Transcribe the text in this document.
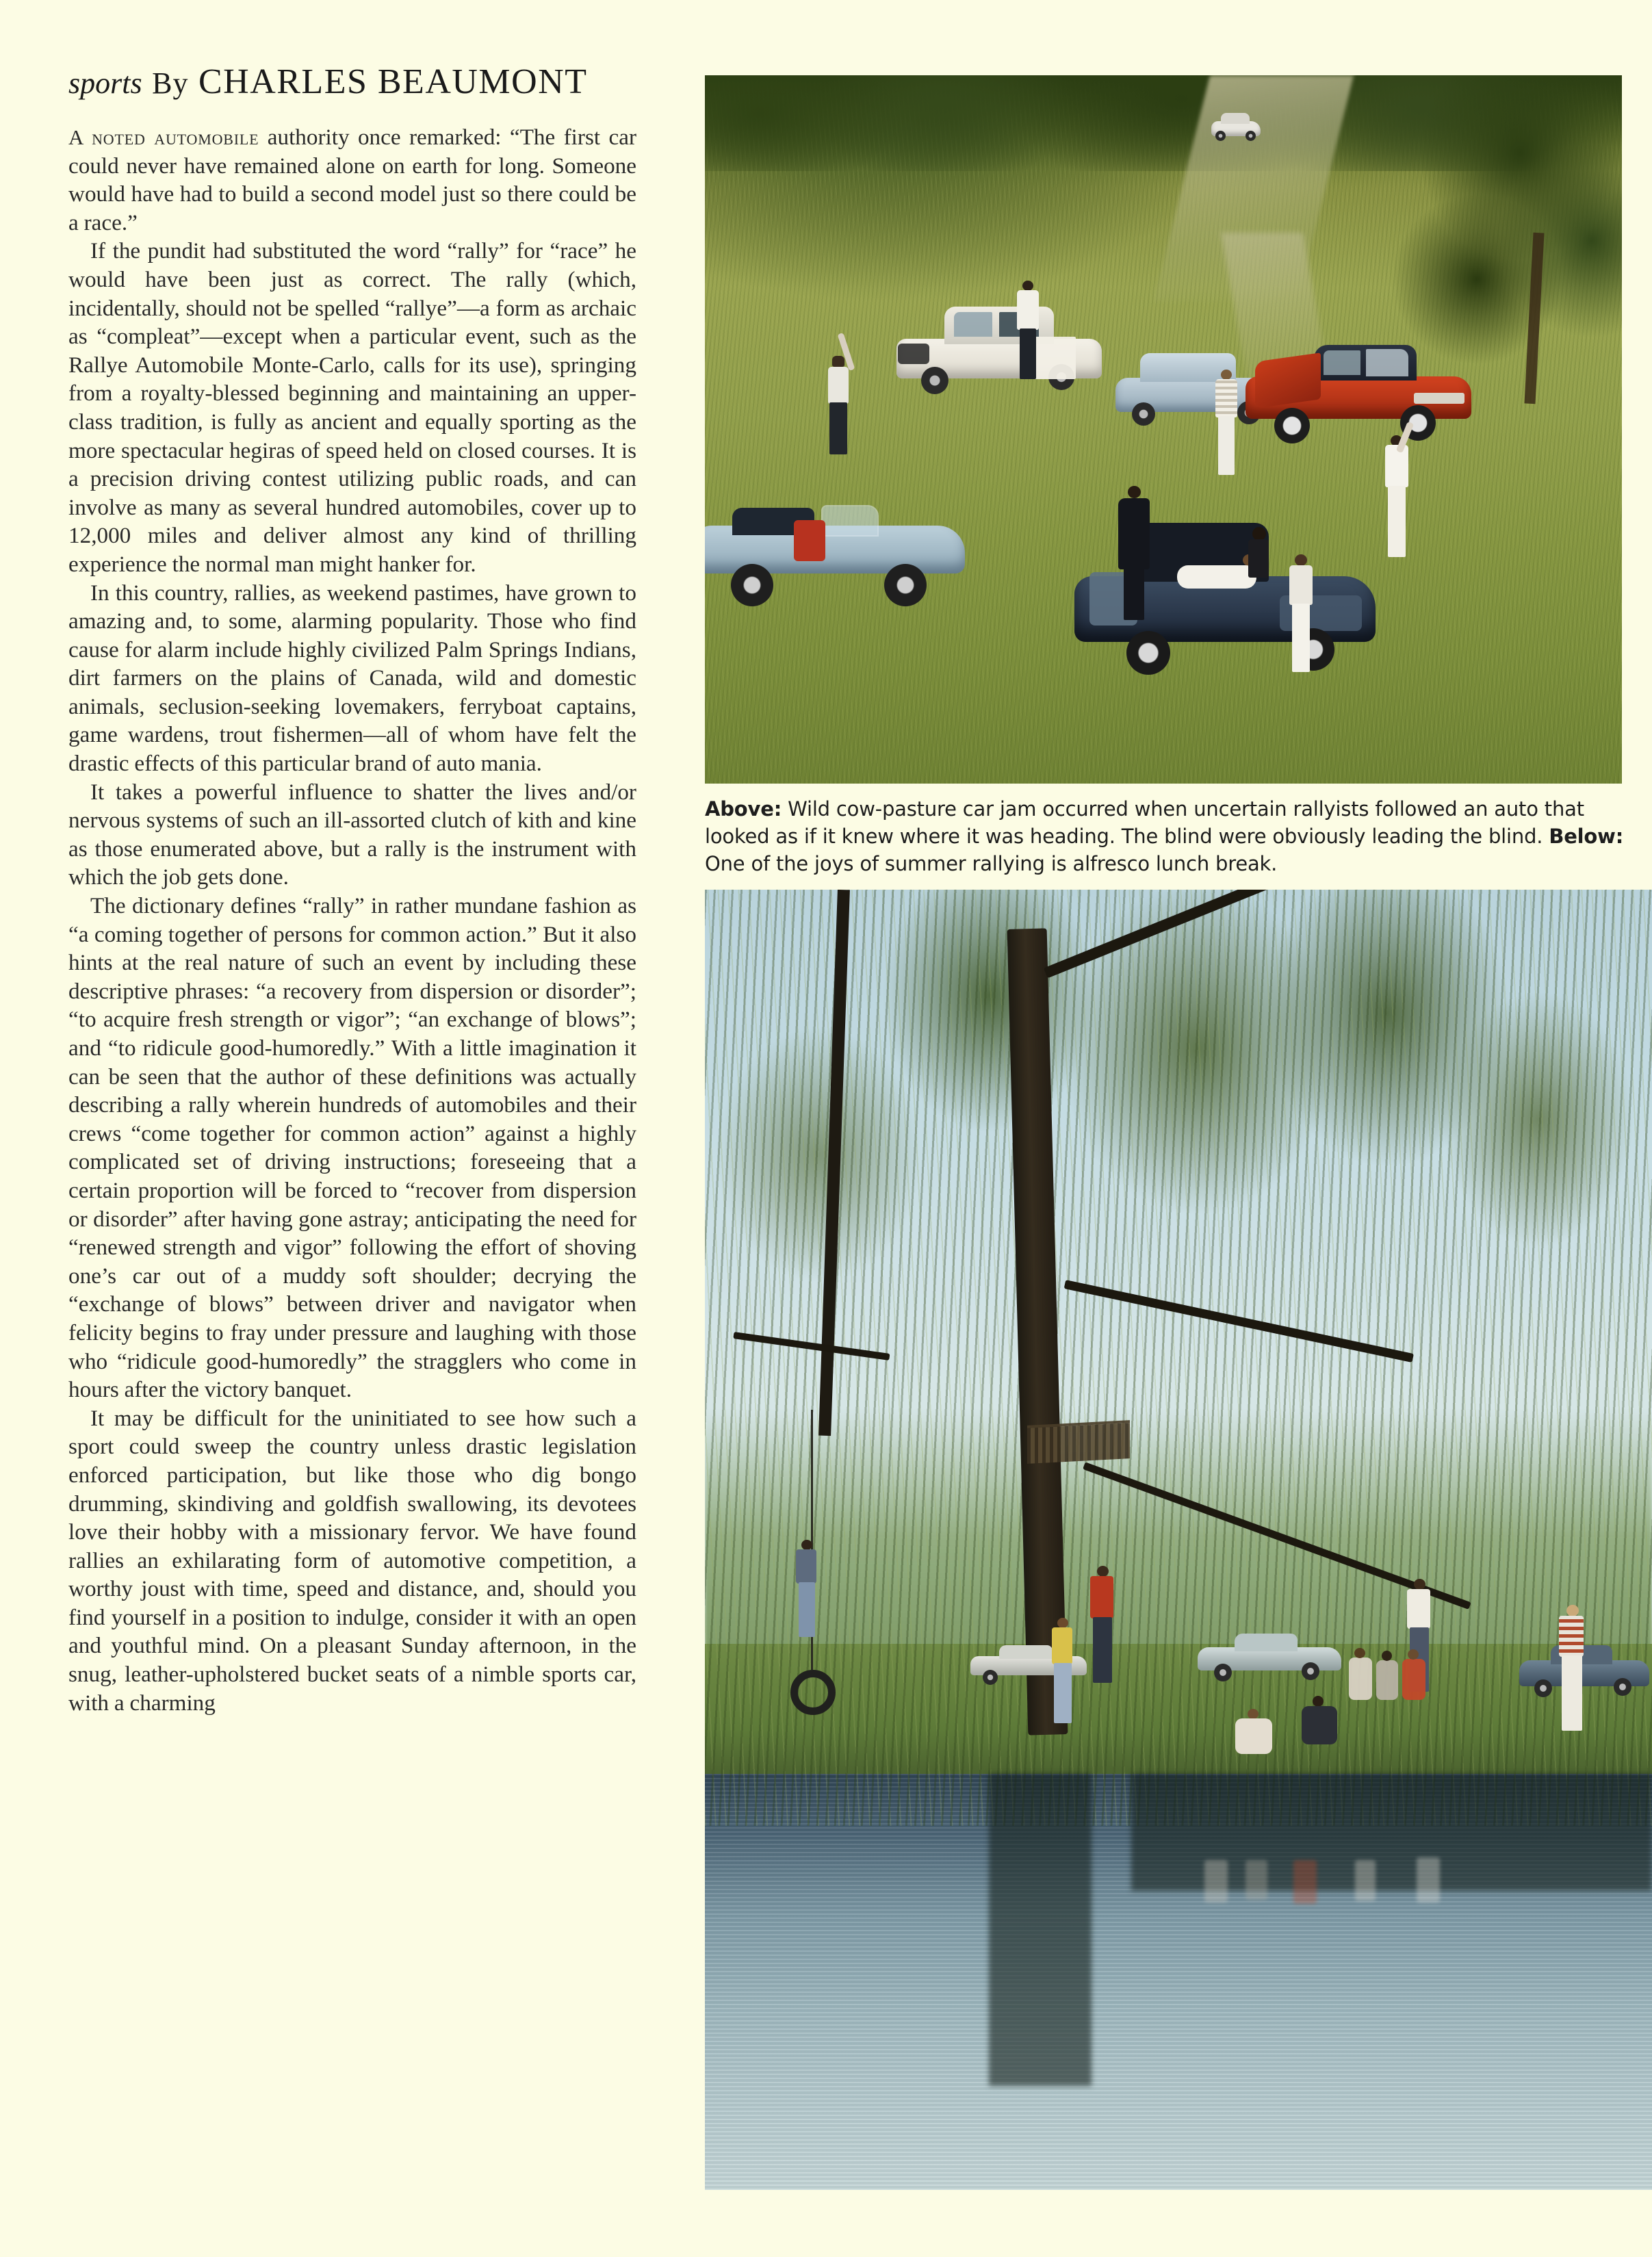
sports By CHARLES BEAUMONT

A noted automobile authority once remarked: “The first car could never have remained alone on earth for long. Someone would have had to build a second model just so there could be a race.”

If the pundit had substituted the word “rally” for “race” he would have been just as correct. The rally (which, incidentally, should not be spelled “rallye”—a form as archaic as “compleat”—except when a particular event, such as the Rallye Automobile Monte-Carlo, calls for its use), springing from a royalty-blessed beginning and maintaining an upper-class tradition, is fully as ancient and equally sporting as the more spectacular hegiras of speed held on closed courses. It is a precision driving contest utilizing public roads, and can involve as many as several hundred automobiles, cover up to 12,000 miles and deliver almost any kind of thrilling experience the normal man might hanker for.

In this country, rallies, as weekend pastimes, have grown to amazing and, to some, alarming popularity. Those who find cause for alarm include highly civilized Palm Springs Indians, dirt farmers on the plains of Canada, wild and domestic animals, seclusion-seeking lovemakers, ferryboat captains, game wardens, trout fishermen—all of whom have felt the drastic effects of this particular brand of auto mania.

It takes a powerful influence to shatter the lives and/or nervous systems of such an ill-assorted clutch of kith and kine as those enumerated above, but a rally is the instrument with which the job gets done.

The dictionary defines “rally” in rather mundane fashion as “a coming together of persons for common action.” But it also hints at the real nature of such an event by including these descriptive phrases: “a recovery from dispersion or disorder”; “to acquire fresh strength or vigor”; “an exchange of blows”; and “to ridicule good-humoredly.” With a little imagination it can be seen that the author of these definitions was actually describing a rally wherein hundreds of automobiles and their crews “come together for common action” against a highly complicated set of driving instructions; foreseeing that a certain proportion will be forced to “recover from dispersion or disorder” after having gone astray; anticipating the need for “renewed strength and vigor” following the effort of shoving one’s car out of a muddy soft shoulder; decrying the “exchange of blows” between driver and navigator when felicity begins to fray under pressure and laughing with those who “ridicule good-humoredly” the stragglers who come in hours after the victory banquet.

It may be difficult for the uninitiated to see how such a sport could sweep the country unless drastic legislation enforced participation, but like those who dig bongo drumming, skindiving and goldfish swallowing, its devotees love their hobby with a missionary fervor. We have found rallies an exhilarating form of automotive competition, a worthy joust with time, speed and distance, and, should you find yourself in a position to indulge, consider it with an open and youthful mind. On a pleasant Sunday afternoon, in the snug, leather-upholstered bucket seats of a nimble sports car, with a charming

Above: Wild cow-pasture car jam occurred when uncertain rallyists followed an auto that looked as if it knew where it was heading. The blind were obviously leading the blind. Below: One of the joys of summer rallying is alfresco lunch break.
